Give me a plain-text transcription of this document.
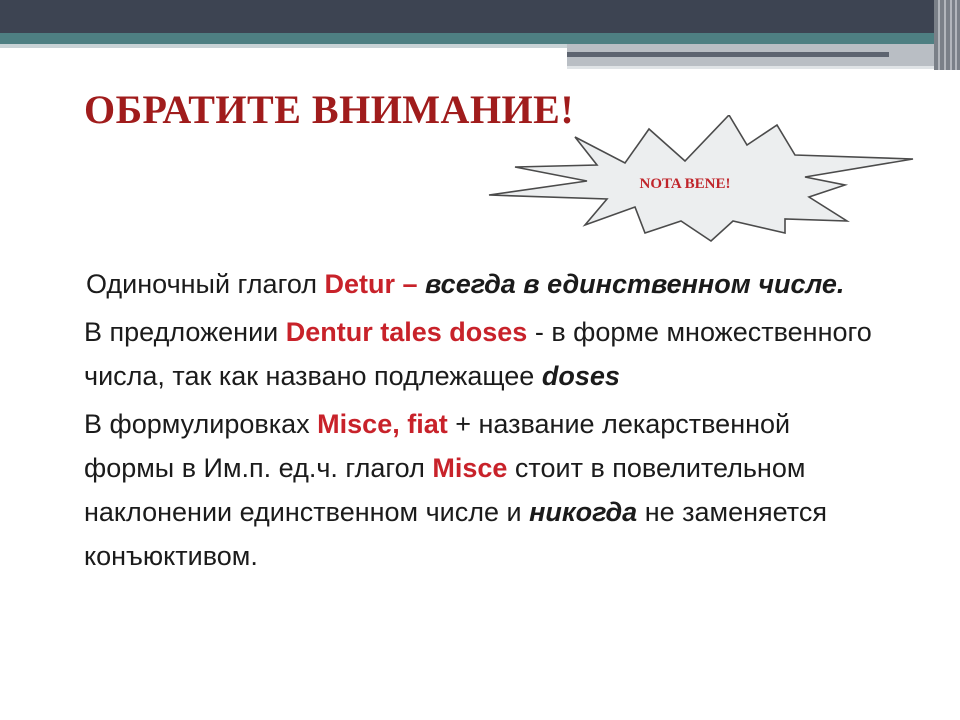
ОБРАТИТЕ ВНИМАНИЕ!
NOTA BENE!

Одиночный глагол Detur – всегда в единственном числе.

В предложении Dentur tales doses - в форме множественного числа, так как названо подлежащее doses

В формулировках Misce, fiat + название лекарственной формы в Им.п. ед.ч. глагол Misce стоит в повелительном наклонении единственном числе и никогда не заменяется конъюктивом.
